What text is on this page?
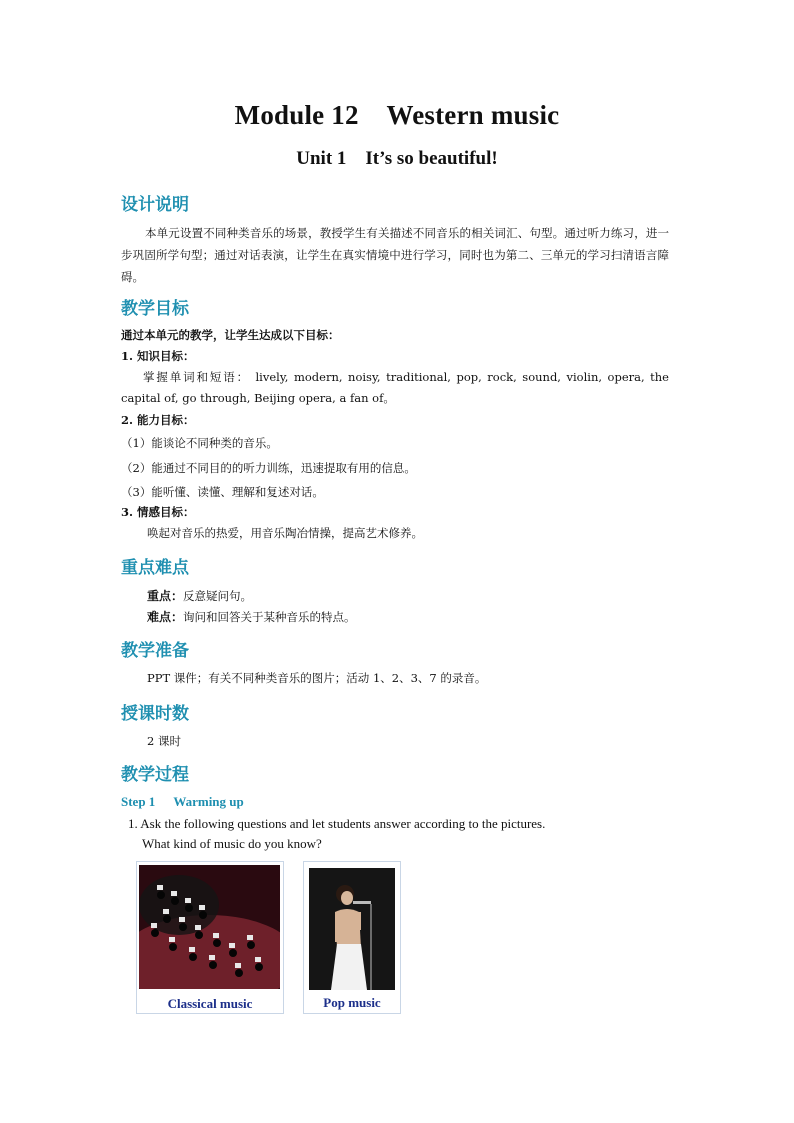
Module 12    Western music
Unit 1    It’s so beautiful!
设计说明
本单元设置不同种类音乐的场景，教授学生有关描述不同音乐的相关词汇、句型。通过听力练习，进一步巩固所学句型；通过对话表演，让学生在真实情境中进行学习，同时也为第二、三单元的学习扫清语言障碍。
教学目标
通过本单元的教学，让学生达成以下目标：
1. 知识目标：
掌握单词和短语： lively, modern, noisy, traditional, pop, rock, sound, violin, opera, the capital of, go through, Beijing opera, a fan of。
2. 能力目标：
（1）能谈论不同种类的音乐。
（2）能通过不同目的的听力训练，迅速提取有用的信息。
（3）能听懂、读懂、理解和复述对话。
3. 情感目标：
唤起对音乐的热爱，用音乐陶冶情操，提高艺术修养。
重点难点
重点：反意疑问句。
难点：询问和回答关于某种音乐的特点。
教学准备
PPT 课件；有关不同种类音乐的图片；活动 1、2、3、7 的录音。
授课时数
2 课时
教学过程
Step 1 Warming up
1. Ask the following questions and let students answer according to the pictures.
What kind of music do you know?
Classical music	Pop music
